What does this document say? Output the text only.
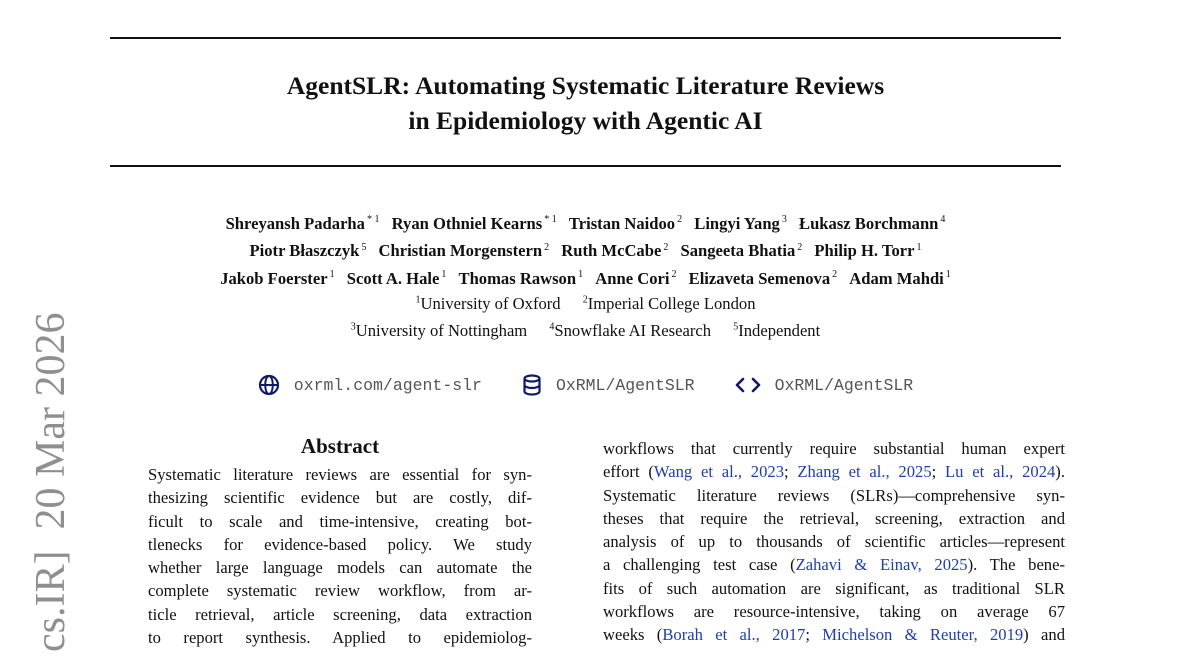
AgentSLR: Automating Systematic Literature Reviews
in Epidemiology with Agentic AI
Shreyansh Padarha $^{* 1}$ Ryan Othniel Kearns $^{* 1}$ Tristan Naidoo $^2$ Lingyi Yang $^3$ Łukasz Borchmann $^4$
Piotr Błaszczyk $^5$ Christian Morgenstern $^2$ Ruth McCabe $^2$ Sangeeta Bhatia $^2$ Philip H. Torr $^1$
Jakob Foerster $^1$ Scott A. Hale $^1$ Thomas Rawson $^1$ Anne Cori $^2$ Elizaveta Semenova $^2$ Adam Mahdi $^1$
$^1$University of Oxford $^2$Imperial College London
$^3$University of Nottingham $^4$Snowflake AI Research $^5$Independent
oxrml.com/agent-slr	OxRML/AgentSLR	OxRML/AgentSLR
cs.IR]  20 Mar 2026	Abstract
Systematic literature reviews are essential for syn-
thesizing scientific evidence but are costly, dif-
ficult to scale and time-intensive, creating bot-
tlenecks for evidence-based policy. We study
whether large language models can automate the
complete systematic review workflow, from ar-
ticle retrieval, article screening, data extraction
to report synthesis. Applied to epidemiolog-
workflows that currently require substantial human expert
effort (Wang et al., 2023; Zhang et al., 2025; Lu et al., 2024).
Systematic literature reviews (SLRs)—comprehensive syn-
theses that require the retrieval, screening, extraction and
analysis of up to thousands of scientific articles—represent
a challenging test case (Zahavi & Einav, 2025). The bene-
fits of such automation are significant, as traditional SLR
workflows are resource-intensive, taking on average 67
weeks (Borah et al., 2017; Michelson & Reuter, 2019) and
